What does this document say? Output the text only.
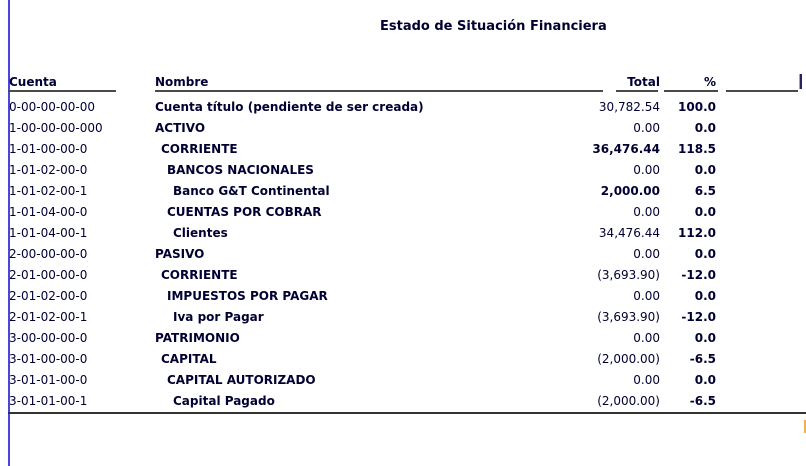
Estado de Situación Financiera
Cuenta	Nombre	Total	%
0-00-00-00-00	Cuenta título (pendiente de ser creada)	30,782.54	100.0
1-00-00-00-000	ACTIVO	0.00	0.0
1-01-00-00-0	CORRIENTE	36,476.44	118.5
1-01-02-00-0	BANCOS NACIONALES	0.00	0.0
1-01-02-00-1	Banco G&T Continental	2,000.00	6.5
1-01-04-00-0	CUENTAS POR COBRAR	0.00	0.0
1-01-04-00-1	Clientes	34,476.44	112.0
2-00-00-00-0	PASIVO	0.00	0.0
2-01-00-00-0	CORRIENTE	(3,693.90)	-12.0
2-01-02-00-0	IMPUESTOS POR PAGAR	0.00	0.0
2-01-02-00-1	Iva por Pagar	(3,693.90)	-12.0
3-00-00-00-0	PATRIMONIO	0.00	0.0
3-01-00-00-0	CAPITAL	(2,000.00)	-6.5
3-01-01-00-0	CAPITAL AUTORIZADO	0.00	0.0
3-01-01-00-1	Capital Pagado	(2,000.00)	-6.5
